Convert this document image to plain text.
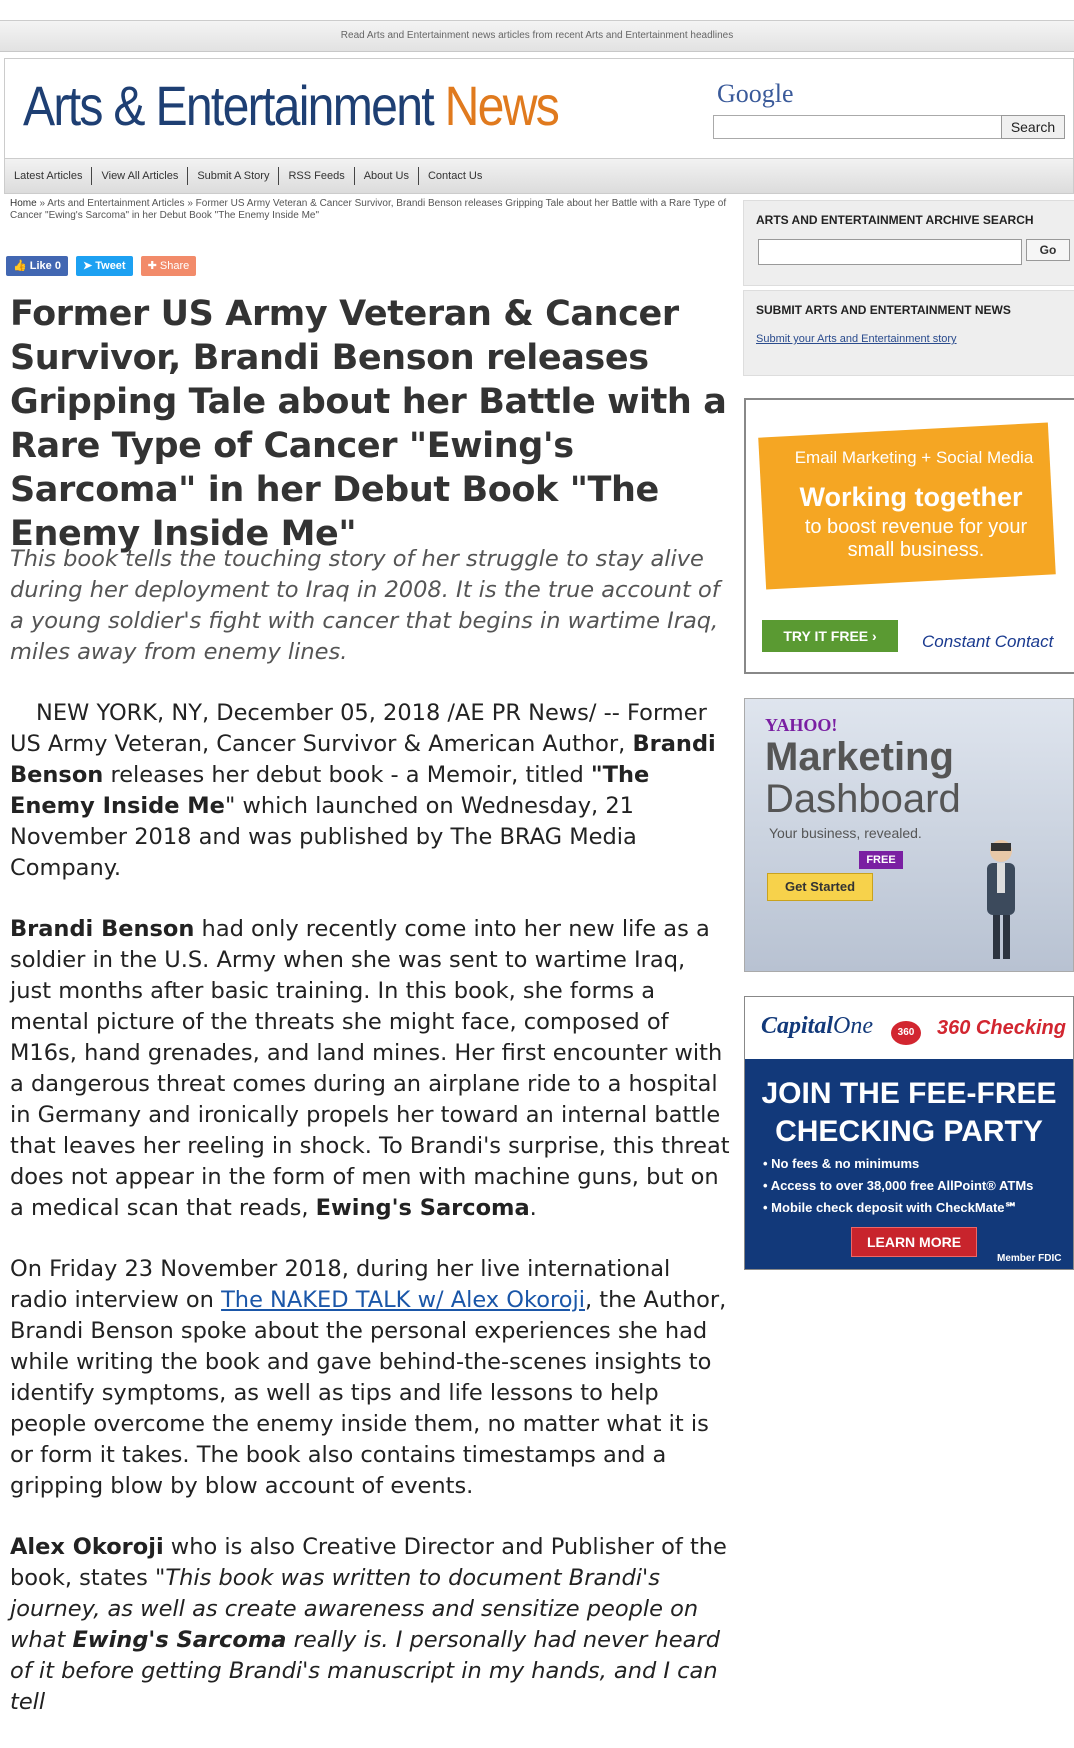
Read Arts and Entertainment news articles from recent Arts and Entertainment headlines
Arts & Entertainment News	Google
Search
Latest Articles	View All Articles	Submit A Story	RSS Feeds	About Us	Contact Us
Home » Arts and Entertainment Articles » Former US Army Veteran & Cancer Survivor, Brandi Benson releases Gripping Tale about her Battle with a Rare Type of Cancer "Ewing's Sarcoma" in her Debut Book "The Enemy Inside Me"
👍 Like 0	➤ Tweet	✚ Share
Former US Army Veteran & Cancer Survivor, Brandi Benson releases Gripping Tale about her Battle with a Rare Type of Cancer "Ewing's Sarcoma" in her Debut Book "The Enemy Inside Me"
This book tells the touching story of her struggle to stay alive during her deployment to Iraq in 2008. It is the true account of a young soldier's fight with cancer that begins in wartime Iraq, miles away from enemy lines.

NEW YORK, NY, December 05, 2018 /AE PR News/ -- Former US Army Veteran, Cancer Survivor & American Author, Brandi Benson releases her debut book - a Memoir, titled "The Enemy Inside Me" which launched on Wednesday, 21 November 2018 and was published by The BRAG Media Company.

Brandi Benson had only recently come into her new life as a soldier in the U.S. Army when she was sent to wartime Iraq, just months after basic training. In this book, she forms a mental picture of the threats she might face, composed of M16s, hand grenades, and land mines. Her first encounter with a dangerous threat comes during an airplane ride to a hospital in Germany and ironically propels her toward an internal battle that leaves her reeling in shock. To Brandi's surprise, this threat does not appear in the form of men with machine guns, but on a medical scan that reads, Ewing's Sarcoma.

On Friday 23 November 2018, during her live international radio interview on The NAKED TALK w/ Alex Okoroji, the Author, Brandi Benson spoke about the personal experiences she had while writing the book and gave behind-the-scenes insights to identify symptoms, as well as tips and life lessons to help people overcome the enemy inside them, no matter what it is or form it takes. The book also contains timestamps and a gripping blow by blow account of events.

Alex Okoroji who is also Creative Director and Publisher of the book, states "This book was written to document Brandi's journey, as well as create awareness and sensitize people on what Ewing's Sarcoma really is. I personally had never heard of it before getting Brandi's manuscript in my hands, and I can tell

ARTS AND ENTERTAINMENT ARCHIVE SEARCH
Go
SUBMIT ARTS AND ENTERTAINMENT NEWS
Submit your Arts and Entertainment story
Email Marketing + Social Media
Working together
to boost revenue for your small business.
TRY IT FREE ›	Constant Contact
YAHOO!
Marketing
Dashboard
Your business, revealed.
FREE
Get Started
CapitalOne	360	360 Checking
JOIN THE FEE-FREE
CHECKING PARTY
• No fees & no minimums
• Access to over 38,000 free AllPoint® ATMs
• Mobile check deposit with CheckMate℠
LEARN MORE
Member FDIC
